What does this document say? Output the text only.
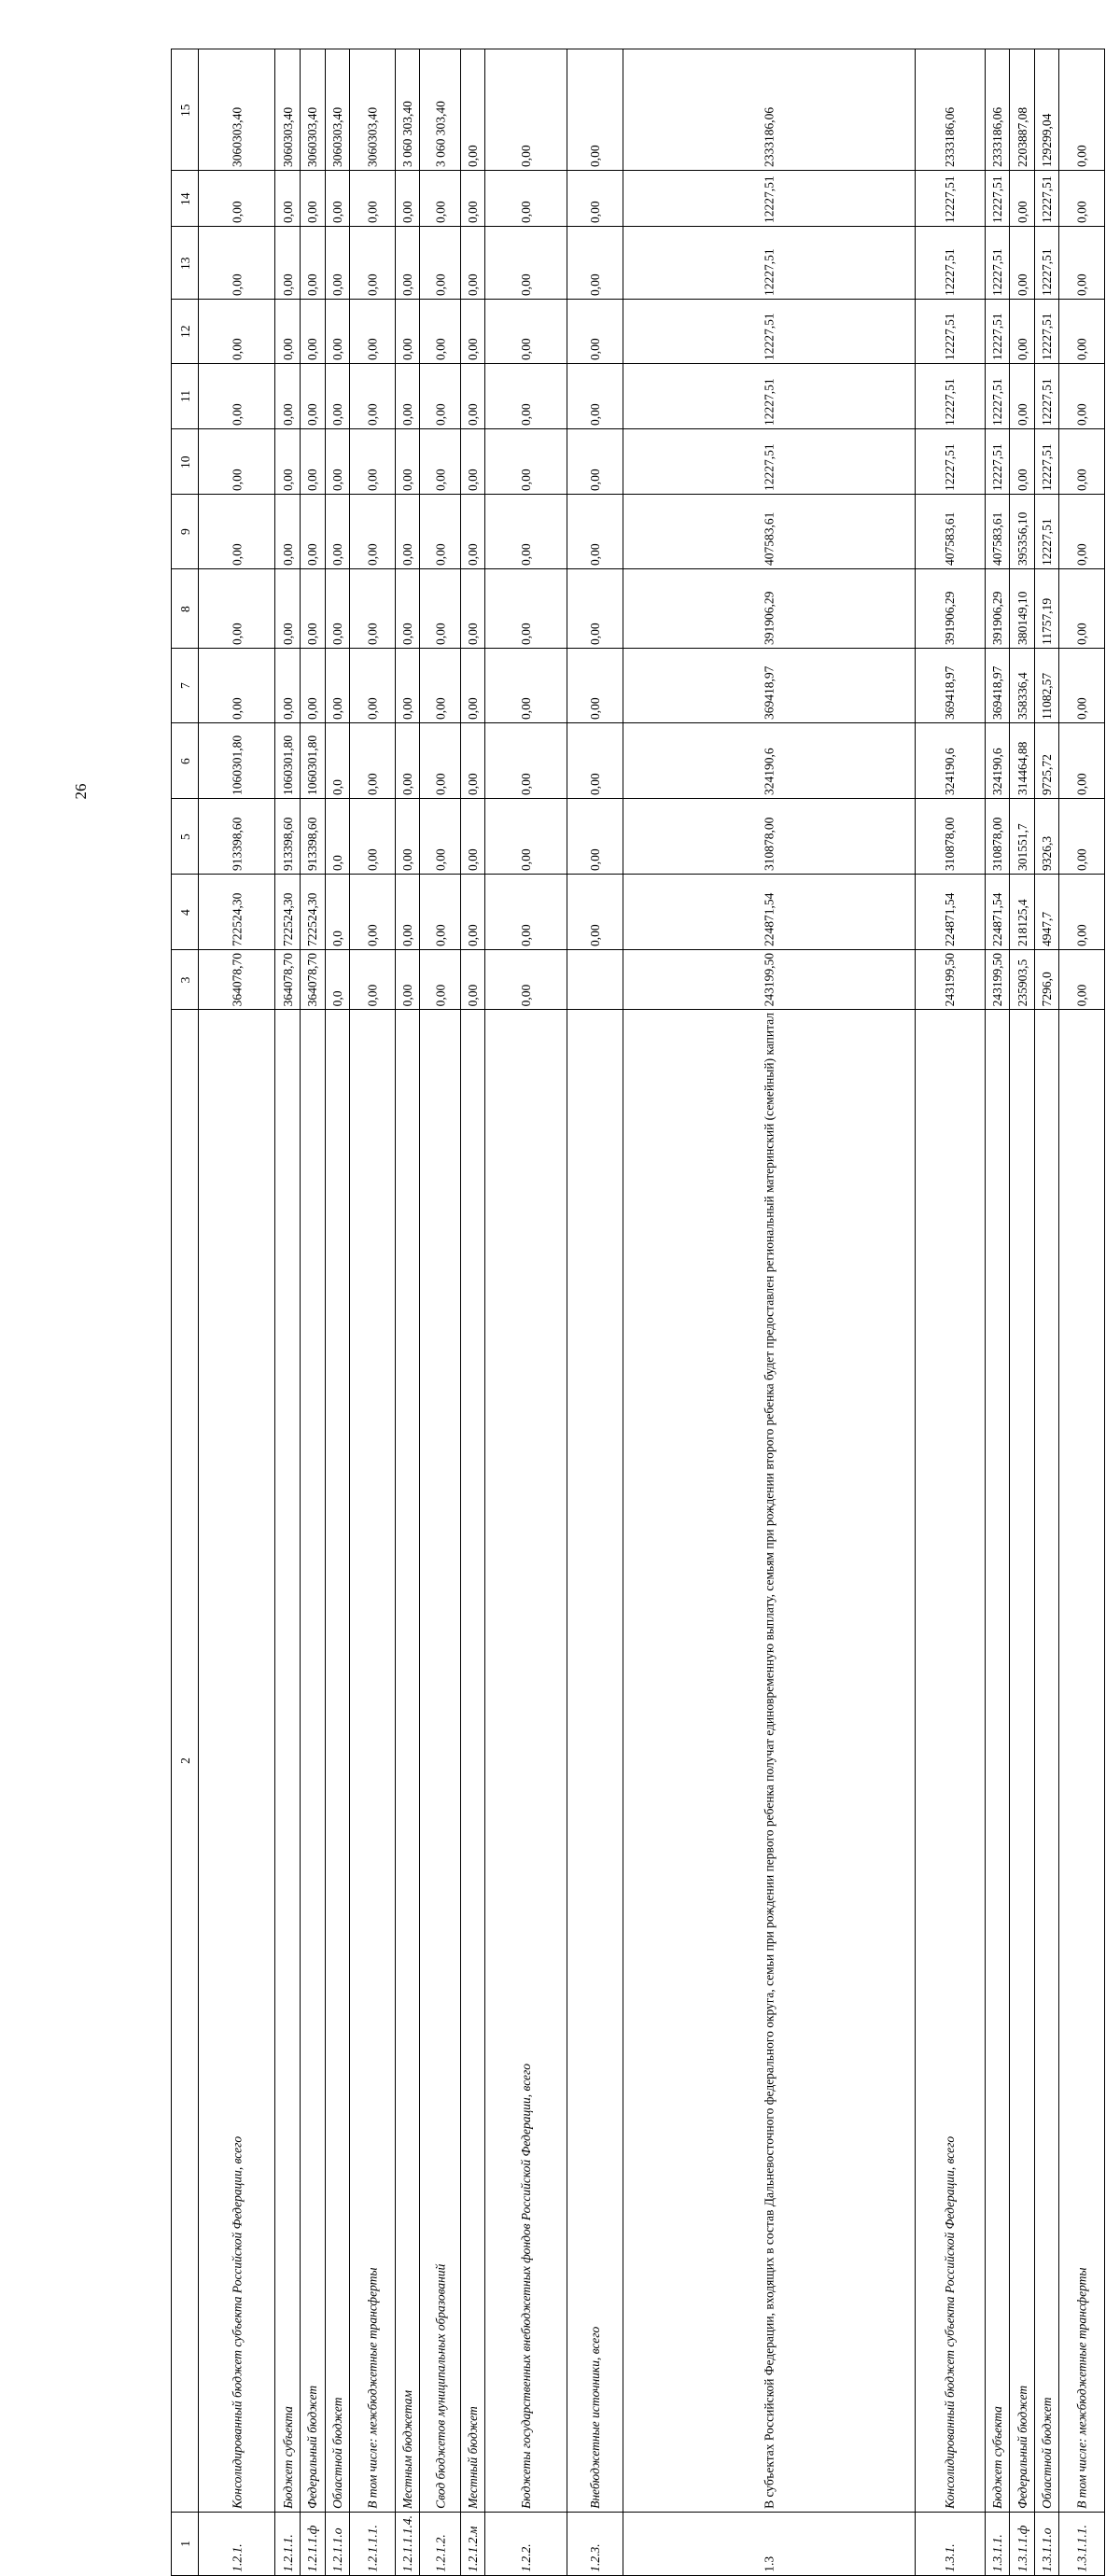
26
15	3060303,40	3060303,40	3060303,40	3060303,40	3060303,40	3 060 303,40	3 060 303,40	0,00	0,00	0,00	2333186,06	2333186,06	2333186,06	2203887,08	129299,04	0,00
14	0,00	0,00	0,00	0,00	0,00	0,00	0,00	0,00	0,00	0,00	12227,51	12227,51	12227,51	0,00	12227,51	0,00
13	0,00	0,00	0,00	0,00	0,00	0,00	0,00	0,00	0,00	0,00	12227,51	12227,51	12227,51	0,00	12227,51	0,00
12	0,00	0,00	0,00	0,00	0,00	0,00	0,00	0,00	0,00	0,00	12227,51	12227,51	12227,51	0,00	12227,51	0,00
11	0,00	0,00	0,00	0,00	0,00	0,00	0,00	0,00	0,00	0,00	12227,51	12227,51	12227,51	0,00	12227,51	0,00
10	0,00	0,00	0,00	0,00	0,00	0,00	0,00	0,00	0,00	0,00	12227,51	12227,51	12227,51	0,00	12227,51	0,00
9	0,00	0,00	0,00	0,00	0,00	0,00	0,00	0,00	0,00	0,00	407583,61	407583,61	407583,61	395356,10	12227,51	0,00
8	0,00	0,00	0,00	0,00	0,00	0,00	0,00	0,00	0,00	0,00	391906,29	391906,29	391906,29	380149,10	11757,19	0,00
7	0,00	0,00	0,00	0,00	0,00	0,00	0,00	0,00	0,00	0,00	369418,97	369418,97	369418,97	358336,4	11082,57	0,00
6	1060301,80	1060301,80	1060301,80	0,0	0,00	0,00	0,00	0,00	0,00	0,00	324190,6	324190,6	324190,6	314464,88	9725,72	0,00
5	913398,60	913398,60	913398,60	0,0	0,00	0,00	0,00	0,00	0,00	0,00	310878,00	310878,00	310878,00	301551,7	9326,3	0,00
4	722524,30	722524,30	722524,30	0,0	0,00	0,00	0,00	0,00	0,00	0,00	224871,54	224871,54	224871,54	218125,4	4947,7	0,00
3	364078,70	364078,70	364078,70	0,0	0,00	0,00	0,00	0,00	0,00		243199,50	243199,50	243199,50	235903,5	7296,0	0,00
2	Консолидированный бюджет субъекта Российской Федерации, всего	Бюджет субъекта	Федеральный бюджет	Областной бюджет	В том числе: межбюджетные трансферты	Местным бюджетам	Свод бюджетов муниципальных образований	Местный бюджет	Бюджеты государственных внебюджетных фондов Российской Федерации, всего	Внебюджетные источники, всего	В субъектах Российской Федерации, входящих в состав Дальневосточного федерального округа, семьи при рождении первого ребенка получат единовременную выплату, семьям при рождении второго ребенка будет предоставлен региональный материнский (семейный) капитал	Консолидированный бюджет субъекта Российской Федерации, всего	Бюджет субъекта	Федеральный бюджет	Областной бюджет	В том числе: межбюджетные трансферты
1	1.2.1.	1.2.1.1.	1.2.1.1.ф	1.2.1.1.о	1.2.1.1.1.	1.2.1.1.1.4.	1.2.1.2.	1.2.1.2.м	1.2.2.	1.2.3.	1.3	1.3.1.	1.3.1.1.	1.3.1.1.ф	1.3.1.1.о	1.3.1.1.1.
